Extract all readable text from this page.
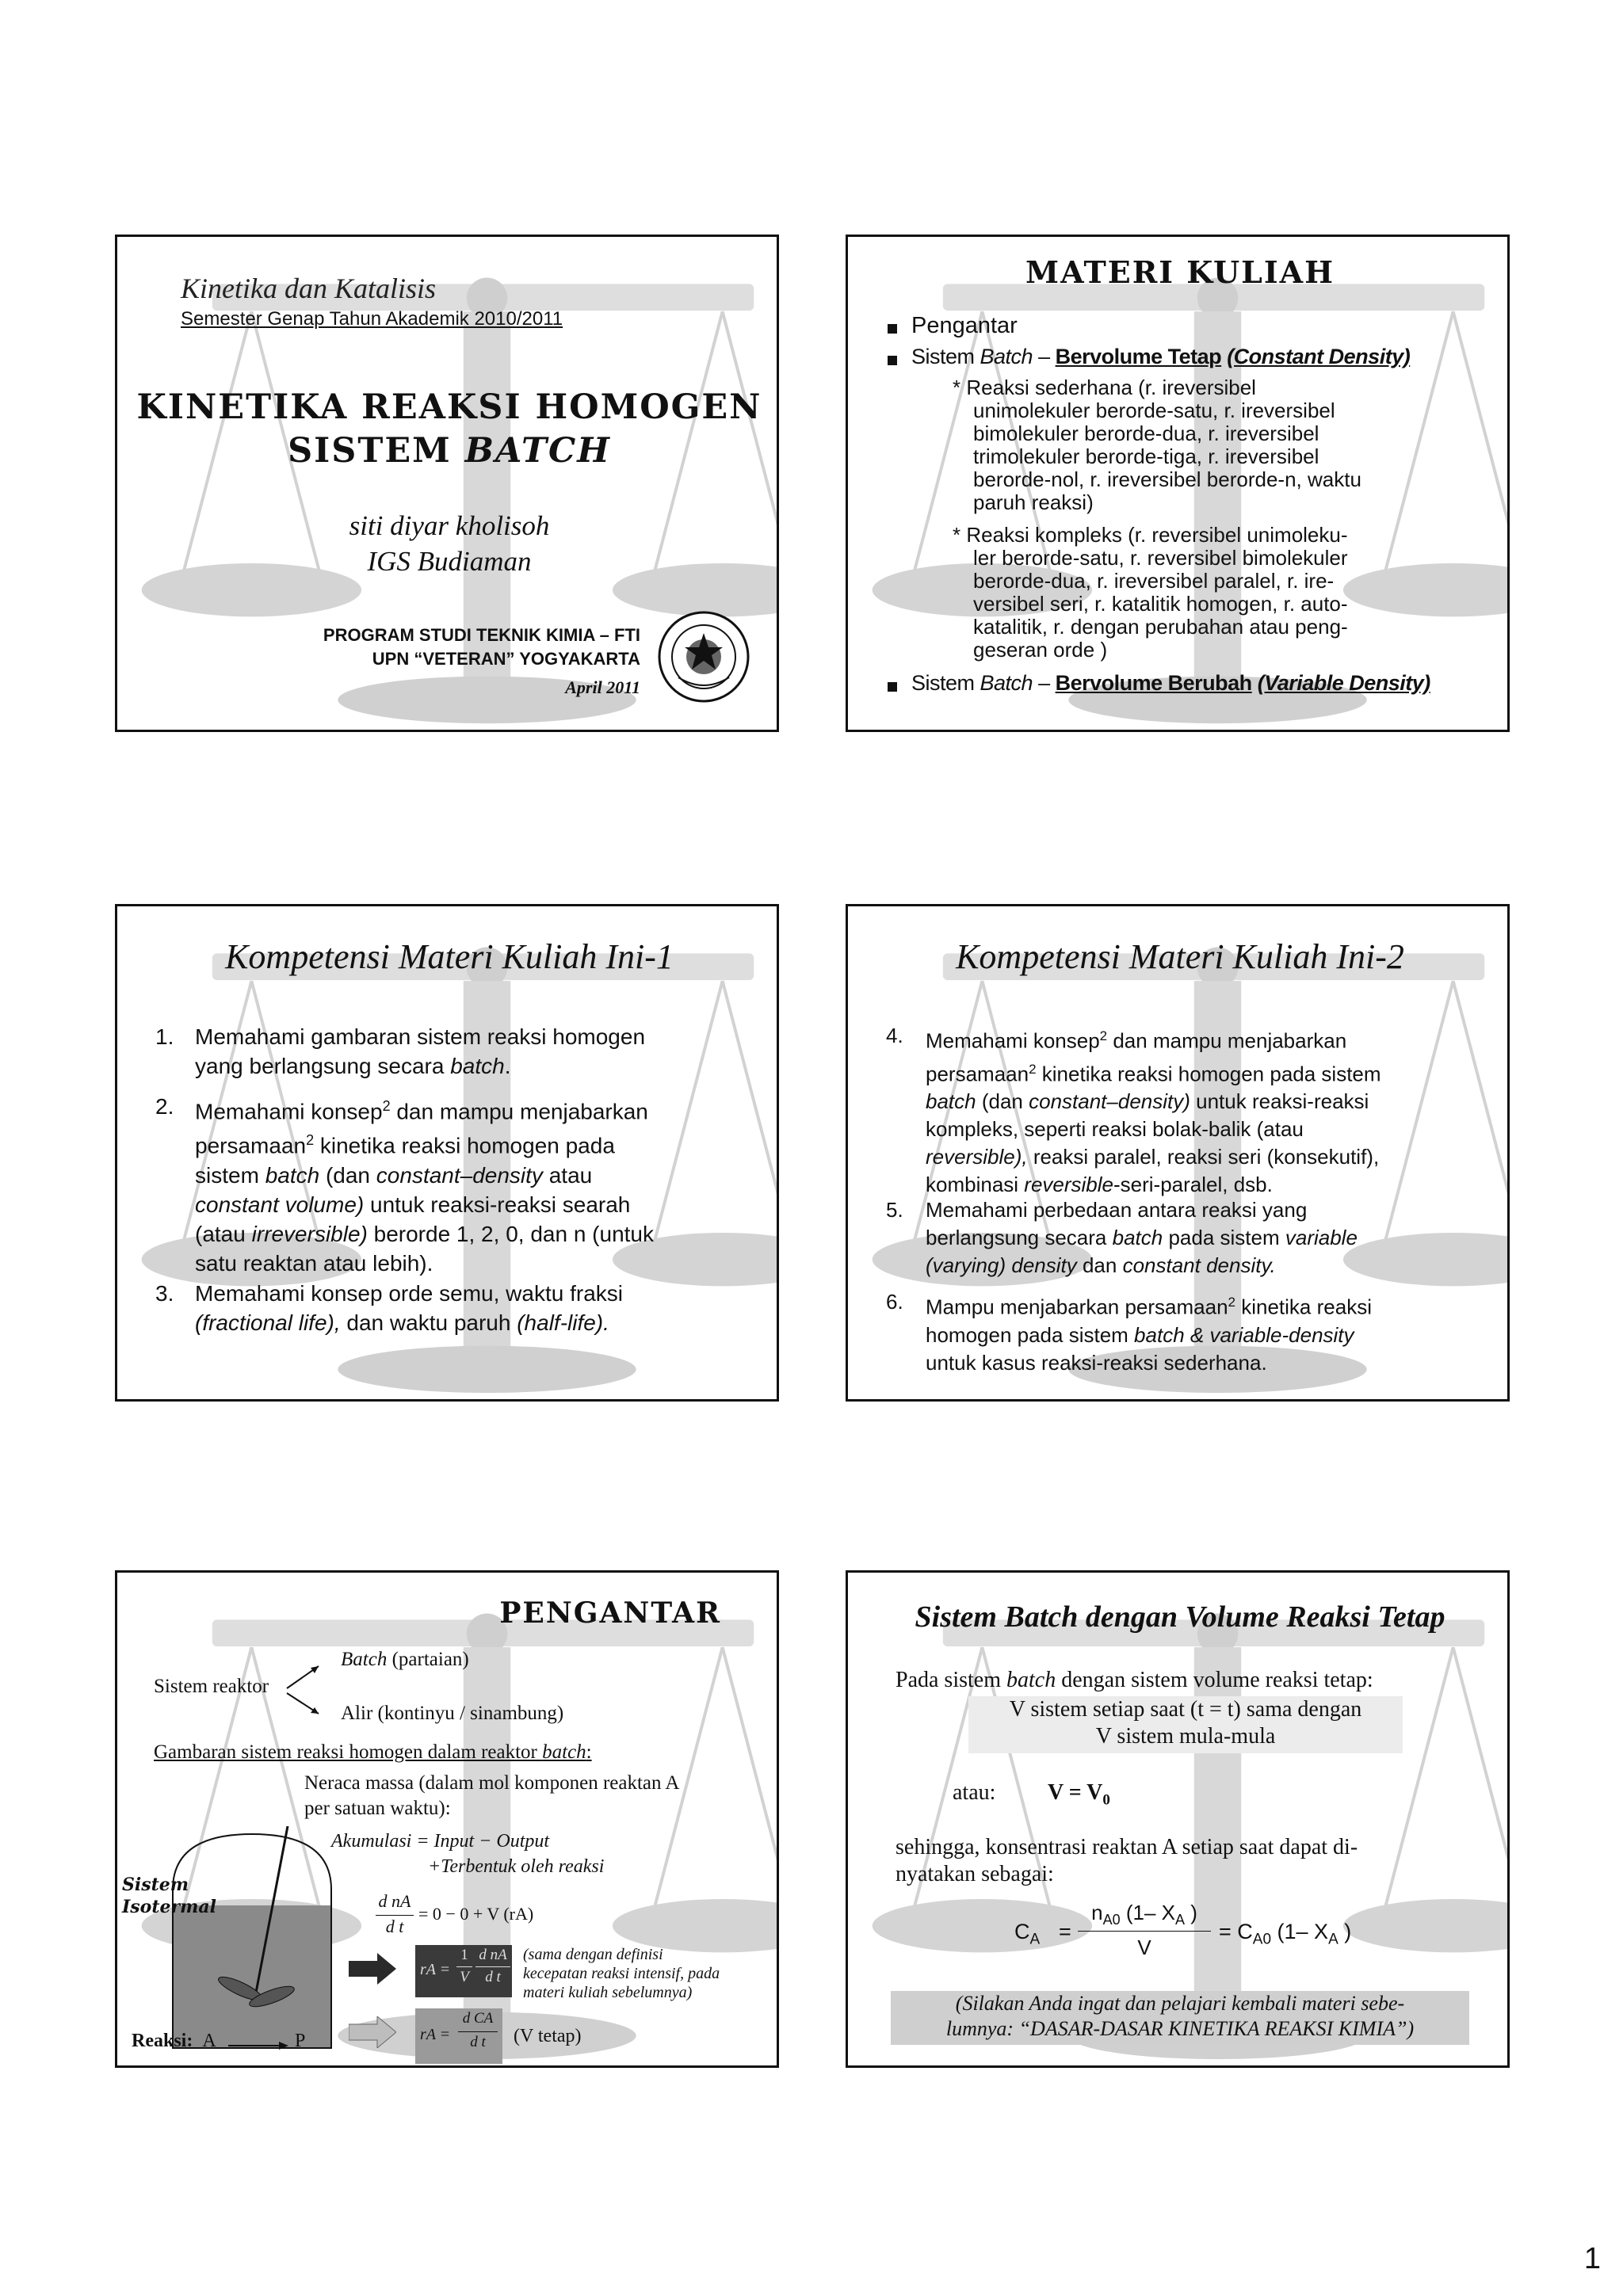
Kinetika dan Katalisis
Semester Genap Tahun Akademik 2010/2011
KINETIKA REAKSI HOMOGEN
SISTEM BATCH
siti diyar kholisoh
IGS Budiaman
PROGRAM STUDI TEKNIK KIMIA – FTI
UPN “VETERAN” YOGYAKARTA
April 2011
MATERI KULIAH
Pengantar
Sistem Batch – Bervolume Tetap (Constant Density)
* Reaksi sederhana (r. ireversibel
unimolekuler berorde-satu, r. ireversibel
bimolekuler berorde-dua, r. ireversibel
trimolekuler berorde-tiga, r. ireversibel
berorde-nol, r. ireversibel berorde-n, waktu
paruh reaksi)
* Reaksi kompleks (r. reversibel unimoleku-
ler berorde-satu, r. reversibel bimolekuler
berorde-dua, r. ireversibel paralel, r. ire-
versibel seri, r. katalitik homogen, r. auto-
katalitik, r. dengan perubahan atau peng-
geseran orde )
Sistem Batch – Bervolume Berubah (Variable Density)
Kompetensi Materi Kuliah Ini-1
1. Memahami gambaran sistem reaksi homogen
yang berlangsung secara batch.
2. Memahami konsep$^2$ dan mampu menjabarkan
persamaan$^2$ kinetika reaksi homogen pada
sistem batch (dan constant–density atau
constant volume) untuk reaksi-reaksi searah
(atau irreversible) berorde 1, 2, 0, dan n (untuk
satu reaktan atau lebih).
3. Memahami konsep orde semu, waktu fraksi
(fractional life), dan waktu paruh (half-life).
Kompetensi Materi Kuliah Ini-2
4. Memahami konsep$^2$ dan mampu menjabarkan
persamaan$^2$ kinetika reaksi homogen pada sistem
batch (dan constant–density) untuk reaksi-reaksi
kompleks, seperti reaksi bolak-balik (atau
reversible), reaksi paralel, reaksi seri (konsekutif),
kombinasi reversible-seri-paralel, dsb.
5. Memahami perbedaan antara reaksi yang
berlangsung secara batch pada sistem variable
(varying) density dan constant density.
6. Mampu menjabarkan persamaan$^2$ kinetika reaksi
homogen pada sistem batch & variable-density
untuk kasus reaksi-reaksi sederhana.
PENGANTAR
Sistem reaktor
Batch (partaian)
Alir (kontinyu / sinambung)
Gambaran sistem reaksi homogen dalam reaktor batch:
Neraca massa (dalam mol komponen reaktan A
per satuan waktu):
Akumulasi = Input − Output
+Terbentuk oleh reaksi
d nA
d t
= 0 − 0 + V (rA)
Sistem
Isotermal
Reaksi: A	P
rA =
1
V
d nA
d t
(sama dengan definisi
kecepatan reaksi intensif, pada
materi kuliah sebelumnya)
rA =
d CA
d t	(V tetap)
Sistem Batch dengan Volume Reaksi Tetap
Pada sistem batch dengan sistem volume reaksi tetap:
V sistem setiap saat (t = t) sama dengan
V sistem mula-mula
atau: $V = V_0$
sehingga, konsentrasi reaktan A setiap saat dapat di-
nyatakan sebagai:
$C_A$ =
$n_{A0}$ (1– $X_A$ )
V
= $C_{A0}$ (1– $X_A$ )
(Silakan Anda ingat dan pelajari kembali materi sebe-
lumnya: “DASAR-DASAR KINETIKA REAKSI KIMIA”)
1
